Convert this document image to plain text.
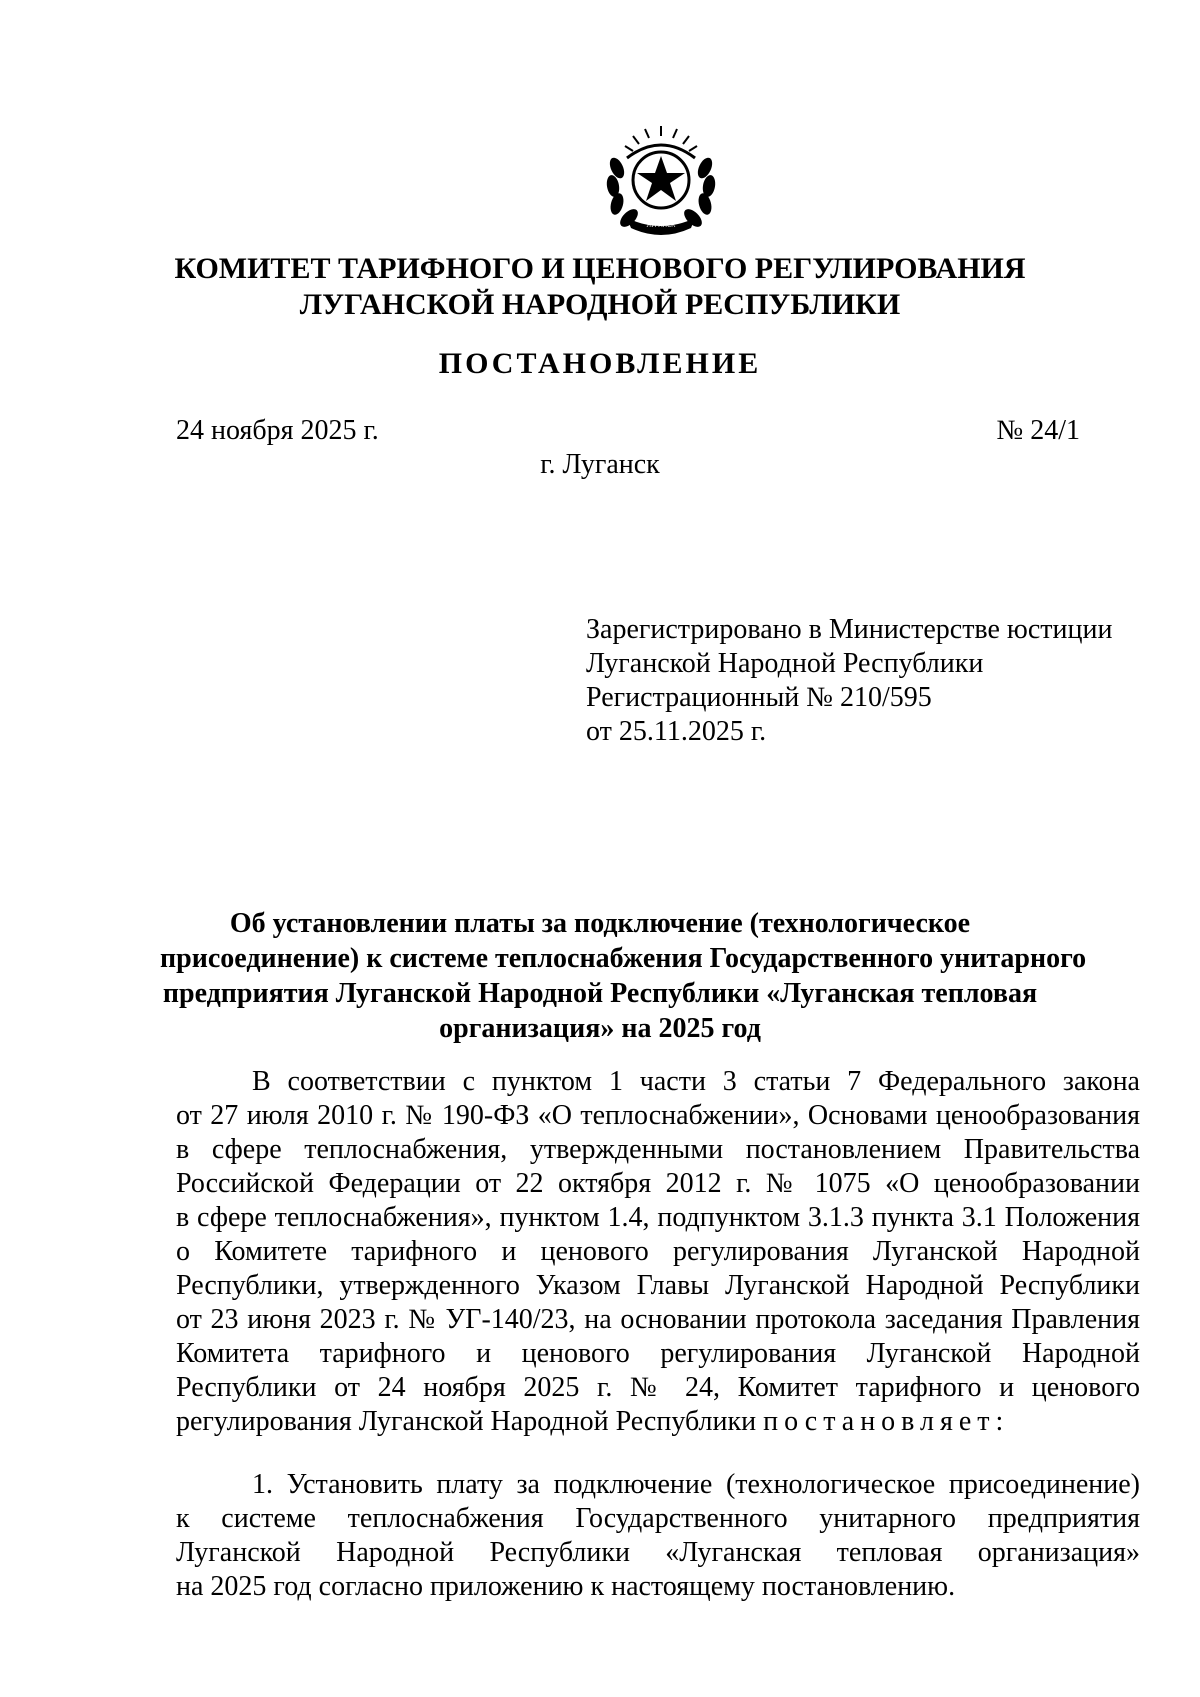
ЛУГАНСК
КОМИТЕТ ТАРИФНОГО И ЦЕНОВОГО РЕГУЛИРОВАНИЯ
ЛУГАНСКОЙ НАРОДНОЙ РЕСПУБЛИКИ
ПОСТАНОВЛЕНИЕ
24 ноября 2025 г.	№ 24/1
г. Луганск
Зарегистрировано в Министерстве юстиции
Луганской Народной Республики
Регистрационный № 210/595
от 25.11.2025 г.
Об установлении платы за подключение (технологическое
присоединение) к системе теплоснабжения Государственного унитарного
предприятия Луганской Народной Республики «Луганская тепловая
организация» на 2025 год
В соответствии с пунктом 1 части 3 статьи 7 Федерального закона
от 27 июля 2010 г. № 190-ФЗ «О теплоснабжении», Основами ценообразования
в сфере теплоснабжения, утвержденными постановлением Правительства
Российской Федерации от 22 октября 2012 г. № 1075 «О ценообразовании
в сфере теплоснабжения», пунктом 1.4, подпунктом 3.1.3 пункта 3.1 Положения
о Комитете тарифного и ценового регулирования Луганской Народной
Республики, утвержденного Указом Главы Луганской Народной Республики
от 23 июня 2023 г. № УГ-140/23, на основании протокола заседания Правления
Комитета тарифного и ценового регулирования Луганской Народной
Республики от 24 ноября 2025 г. № 24, Комитет тарифного и ценового
регулирования Луганской Народной Республики постановляет:
1. Установить плату за подключение (технологическое присоединение)
к системе теплоснабжения Государственного унитарного предприятия
Луганской Народной Республики «Луганская тепловая организация»
на 2025 год согласно приложению к настоящему постановлению.
